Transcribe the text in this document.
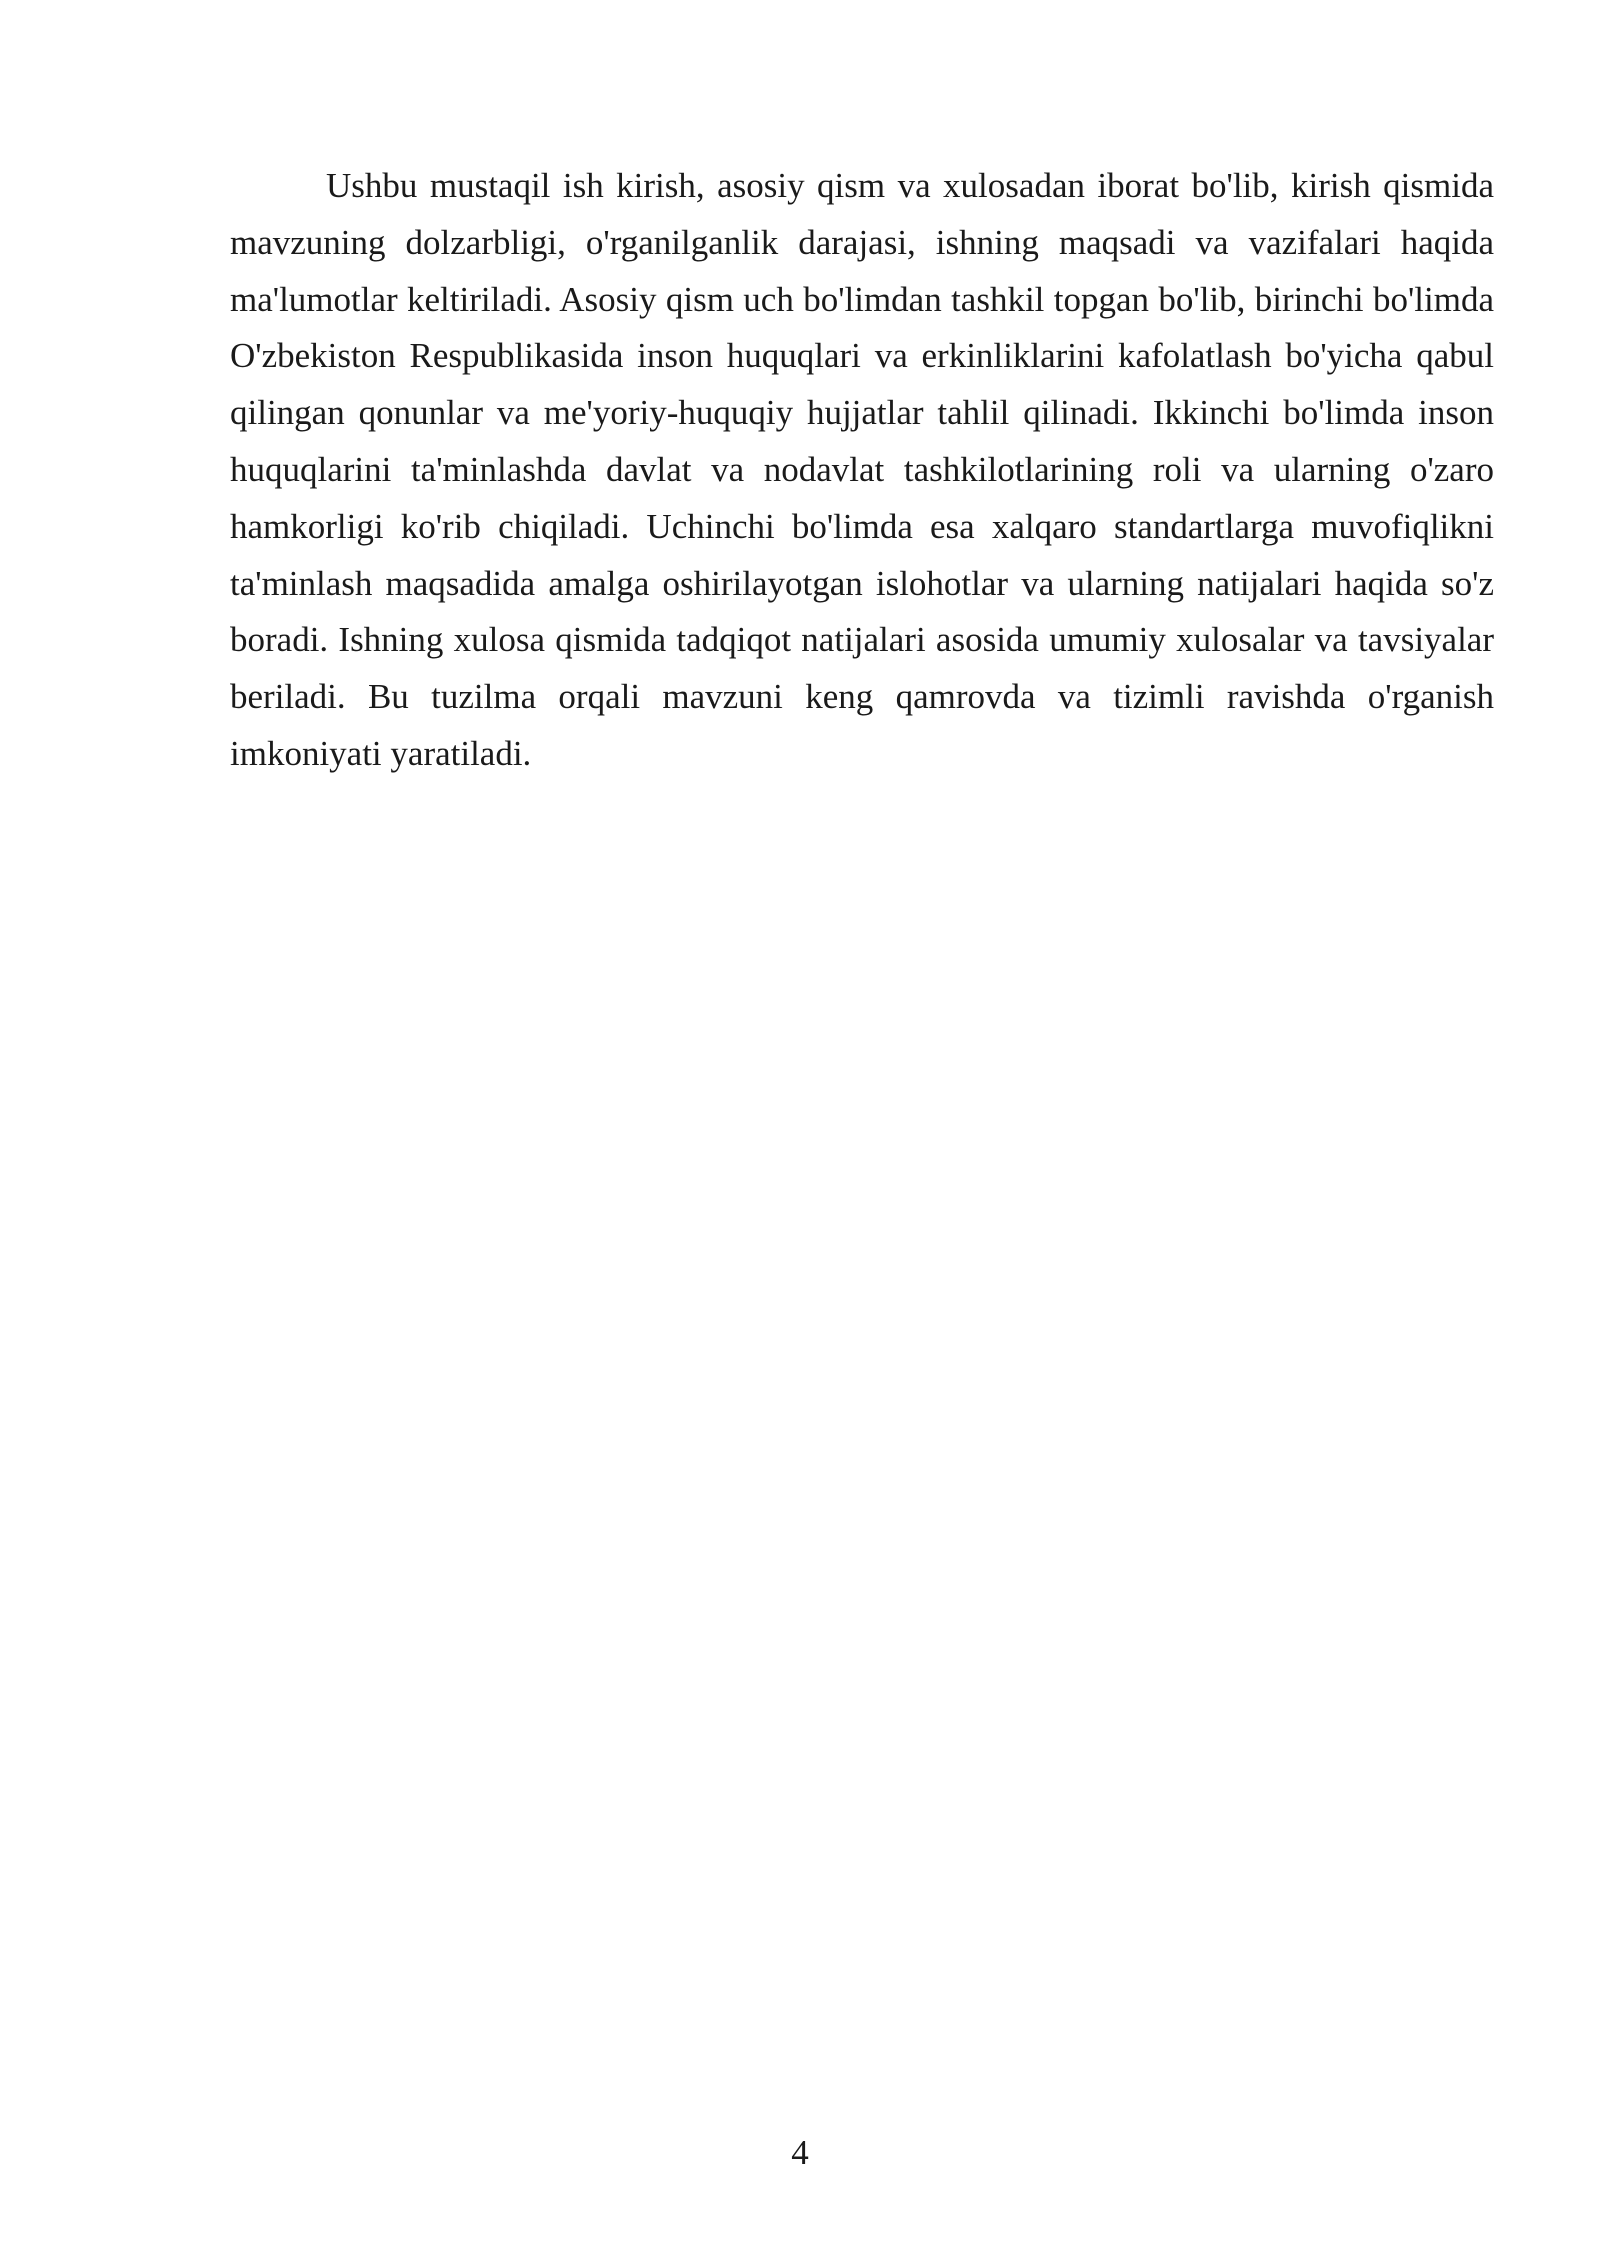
Ushbu mustaqil ish kirish, asosiy qism va xulosadan iborat bo'lib, kirish qismida mavzuning dolzarbligi, o'rganilganlik darajasi, ishning maqsadi va vazifalari haqida ma'lumotlar keltiriladi. Asosiy qism uch bo'limdan tashkil topgan bo'lib, birinchi bo'limda O'zbekiston Respublikasida inson huquqlari va erkinliklarini kafolatlash bo'yicha qabul qilingan qonunlar va me'yoriy-huquqiy hujjatlar tahlil qilinadi. Ikkinchi bo'limda inson huquqlarini ta'minlashda davlat va nodavlat tashkilotlarining roli va ularning o'zaro hamkorligi ko'rib chiqiladi. Uchinchi bo'limda esa xalqaro standartlarga muvofiqlikni ta'minlash maqsadida amalga oshirilayotgan islohotlar va ularning natijalari haqida so'z boradi. Ishning xulosa qismida tadqiqot natijalari asosida umumiy xulosalar va tavsiyalar beriladi. Bu tuzilma orqali mavzuni keng qamrovda va tizimli ravishda o'rganish imkoniyati yaratiladi.

4
